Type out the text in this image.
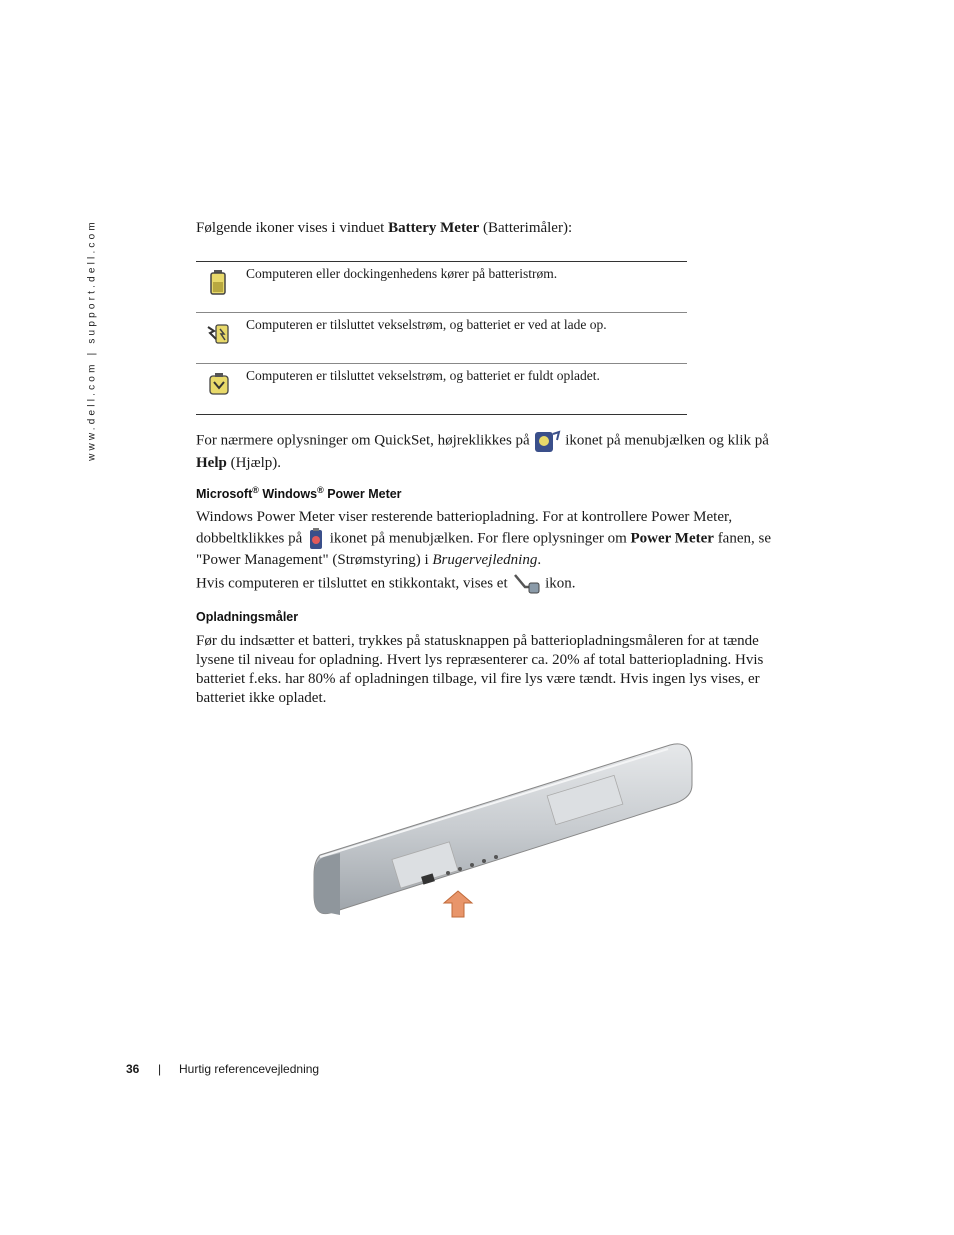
www.dell.com | support.dell.com	Følgende ikoner vises i vinduet Battery Meter (Batterimåler):

Computeren eller dockingenhedens kører på batteristrøm.
Computeren er tilsluttet vekselstrøm, og batteriet er ved at lade op.
Computeren er tilsluttet vekselstrøm, og batteriet er fuldt opladet.

For nærmere oplysninger om QuickSet, højreklikkes på  ikonet på menubjælken og klik på
Help (Hjælp).

Microsoft® Windows® Power Meter

Windows Power Meter viser resterende batteriopladning. For at kontrollere Power Meter,
dobbeltklikkes på  ikonet på menubjælken. For flere oplysninger om Power Meter fanen, se
"Power Management" (Strømstyring) i Brugervejledning.

Hvis computeren er tilsluttet en stikkontakt, vises et  ikon.

Opladningsmåler

Før du indsætter et batteri, trykkes på statusknappen på batteriopladningsmåleren for at tænde
lysene til niveau for opladning. Hvert lys repræsenterer ca. 20% af total batteriopladning. Hvis
batteriet f.eks. har 80% af opladningen tilbage, vil fire lys være tændt. Hvis ingen lys vises, er
batteriet ikke opladet.

36 | Hurtig referencevejledning
